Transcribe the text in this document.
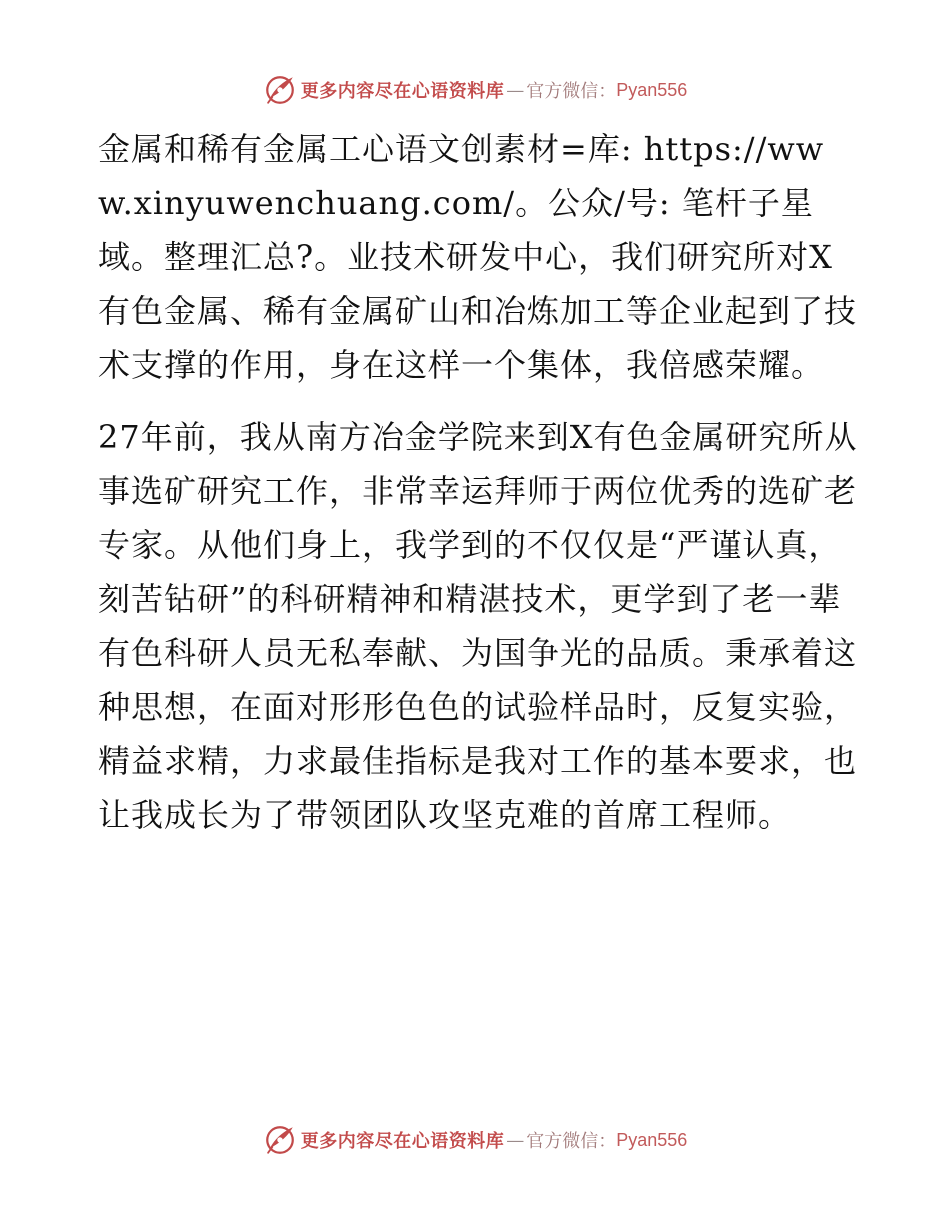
更多内容尽在心语资料库 — 官方微信： Pyan556

金属和稀有金属工心语文创素材=库: https://www.xinyuwenchuang.com/。公众/号: 笔杆子星域。整理汇总?。业技术研发中心，我们研究所对X有色金属、稀有金属矿山和冶炼加工等企业起到了技术支撑的作用，身在这样一个集体，我倍感荣耀。

27年前，我从南方冶金学院来到X有色金属研究所从事选矿研究工作，非常幸运拜师于两位优秀的选矿老专家。从他们身上，我学到的不仅仅是“严谨认真，刻苦钻研”的科研精神和精湛技术，更学到了老一辈有色科研人员无私奉献、为国争光的品质。秉承着这种思想，在面对形形色色的试验样品时，反复实验，精益求精，力求最佳指标是我对工作的基本要求，也让我成长为了带领团队攻坚克难的首席工程师。

更多内容尽在心语资料库 — 官方微信： Pyan556
